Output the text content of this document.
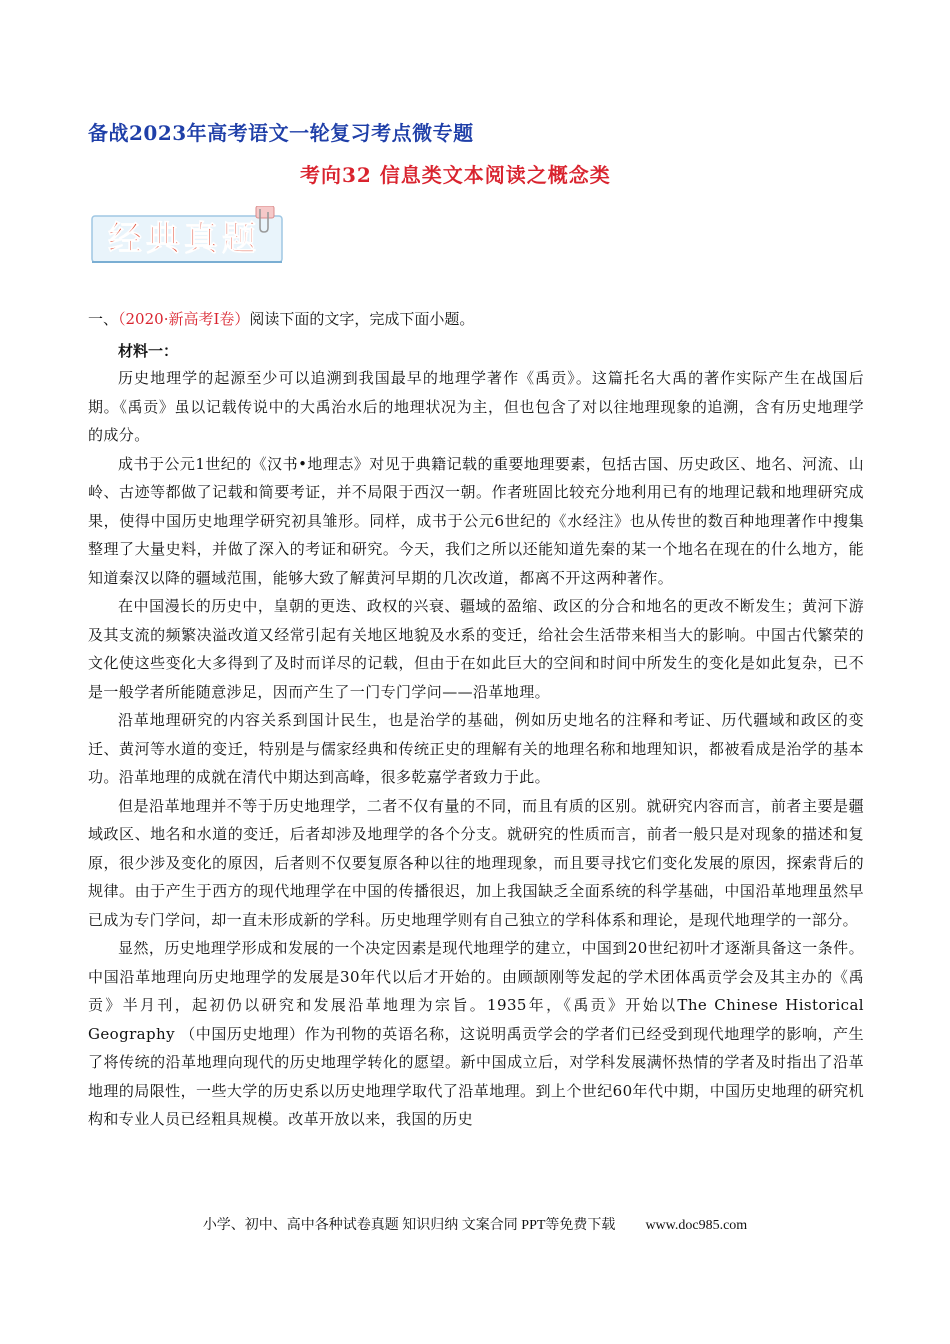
备战2023年高考语文一轮复习考点微专题
考向32 信息类文本阅读之概念类
经典真题
一、（2020·新高考Ⅰ卷）阅读下面的文字，完成下面小题。
材料一：

历史地理学的起源至少可以追溯到我国最早的地理学著作《禹贡》。这篇托名大禹的著作实际产生在战国后期。《禹贡》虽以记载传说中的大禹治水后的地理状况为主，但也包含了对以往地理现象的追溯，含有历史地理学的成分。

成书于公元1世纪的《汉书•地理志》对见于典籍记载的重要地理要素，包括古国、历史政区、地名、河流、山岭、古迹等都做了记载和简要考证，并不局限于西汉一朝。作者班固比较充分地利用已有的地理记载和地理研究成果，使得中国历史地理学研究初具雏形。同样，成书于公元6世纪的《水经注》也从传世的数百种地理著作中搜集整理了大量史料，并做了深入的考证和研究。今天，我们之所以还能知道先秦的某一个地名在现在的什么地方，能知道秦汉以降的疆域范围，能够大致了解黄河早期的几次改道，都离不开这两种著作。

在中国漫长的历史中，皇朝的更迭、政权的兴衰、疆域的盈缩、政区的分合和地名的更改不断发生；黄河下游及其支流的频繁决溢改道又经常引起有关地区地貌及水系的变迁，给社会生活带来相当大的影响。中国古代繁荣的文化使这些变化大多得到了及时而详尽的记载，但由于在如此巨大的空间和时间中所发生的变化是如此复杂，已不是一般学者所能随意涉足，因而产生了一门专门学问——沿革地理。

沿革地理研究的内容关系到国计民生，也是治学的基础，例如历史地名的注释和考证、历代疆域和政区的变迁、黄河等水道的变迁，特别是与儒家经典和传统正史的理解有关的地理名称和地理知识，都被看成是治学的基本功。沿革地理的成就在清代中期达到高峰，很多乾嘉学者致力于此。

但是沿革地理并不等于历史地理学，二者不仅有量的不同，而且有质的区别。就研究内容而言，前者主要是疆域政区、地名和水道的变迁，后者却涉及地理学的各个分支。就研究的性质而言，前者一般只是对现象的描述和复原，很少涉及变化的原因，后者则不仅要复原各种以往的地理现象，而且要寻找它们变化发展的原因，探索背后的规律。由于产生于西方的现代地理学在中国的传播很迟，加上我国缺乏全面系统的科学基础，中国沿革地理虽然早已成为专门学问，却一直未形成新的学科。历史地理学则有自己独立的学科体系和理论，是现代地理学的一部分。

显然，历史地理学形成和发展的一个决定因素是现代地理学的建立，中国到20世纪初叶才逐渐具备这一条件。中国沿革地理向历史地理学的发展是30年代以后才开始的。由顾颉刚等发起的学术团体禹贡学会及其主办的《禹贡》半月刊，起初仍以研究和发展沿革地理为宗旨。1935年，《禹贡》开始以The Chinese Historical Geography （中国历史地理）作为刊物的英语名称，这说明禹贡学会的学者们已经受到现代地理学的影响，产生了将传统的沿革地理向现代的历史地理学转化的愿望。新中国成立后，对学科发展满怀热情的学者及时指出了沿革地理的局限性，一些大学的历史系以历史地理学取代了沿革地理。到上个世纪60年代中期，中国历史地理的研究机构和专业人员已经粗具规模。改革开放以来，我国的历史

小学、初中、高中各种试卷真题 知识归纳 文案合同 PPT等免费下载 www.doc985.com
